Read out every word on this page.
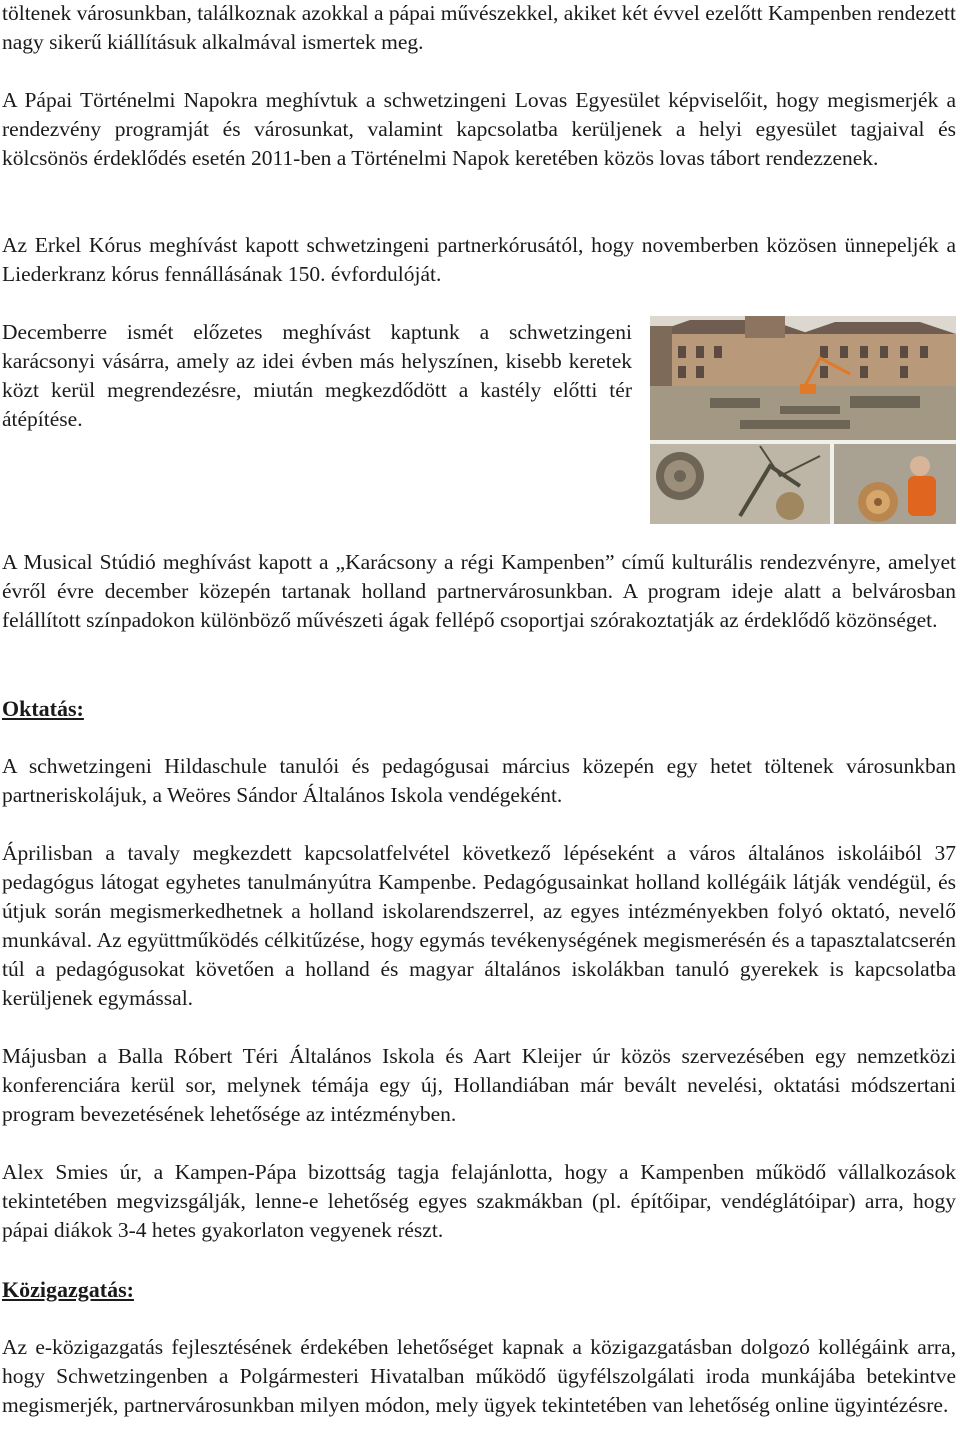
töltenek városunkban, találkoznak azokkal a pápai művészekkel, akiket két évvel ezelőtt Kampenben rendezett nagy sikerű kiállításuk alkalmával ismertek meg.

A Pápai Történelmi Napokra meghívtuk a schwetzingeni Lovas Egyesület képviselőit, hogy megismerjék a rendezvény programját és városunkat, valamint kapcsolatba kerüljenek a helyi egyesület tagjaival és kölcsönös érdeklődés esetén 2011-ben a Történelmi Napok keretében közös lovas tábort rendezzenek.

Az Erkel Kórus meghívást kapott schwetzingeni partnerkórusától, hogy novemberben közösen ünnepeljék a Liederkranz kórus fennállásának 150. évfordulóját.

Decemberre ismét előzetes meghívást kaptunk a schwetzingeni karácsonyi vásárra, amely az idei évben más helyszínen, kisebb keretek közt kerül megrendezésre, miután megkezdődött a kastély előtti tér átépítése.

A Musical Stúdió meghívást kapott a „Karácsony a régi Kampenben” című kulturális rendezvényre, amelyet évről évre december közepén tartanak holland partnervárosunkban. A program ideje alatt a belvárosban felállított színpadokon különböző művészeti ágak fellépő csoportjai szórakoztatják az érdeklődő közönséget.

Oktatás:

A schwetzingeni Hildaschule tanulói és pedagógusai március közepén egy hetet töltenek városunkban partneriskolájuk, a Weöres Sándor Általános Iskola vendégeként.

Áprilisban a tavaly megkezdett kapcsolatfelvétel következő lépéseként a város általános iskoláiból 37 pedagógus látogat egyhetes tanulmányútra Kampenbe. Pedagógusainkat holland kollégáik látják vendégül, és útjuk során megismerkedhetnek a holland iskolarendszerrel, az egyes intézményekben folyó oktató, nevelő munkával. Az együttműködés célkitűzése, hogy egymás tevékenységének megismerésén és a tapasztalatcserén túl a pedagógusokat követően a holland és magyar általános iskolákban tanuló gyerekek is kapcsolatba kerüljenek egymással.

Májusban a Balla Róbert Téri Általános Iskola és Aart Kleijer úr közös szervezésében egy nemzetközi konferenciára kerül sor, melynek témája egy új, Hollandiában már bevált nevelési, oktatási módszertani program bevezetésének lehetősége az intézményben.

Alex Smies úr, a Kampen-Pápa bizottság tagja felajánlotta, hogy a Kampenben működő vállalkozások tekintetében megvizsgálják, lenne-e lehetőség egyes szakmákban (pl. építőipar, vendéglátóipar) arra, hogy pápai diákok 3-4 hetes gyakorlaton vegyenek részt.

Közigazgatás:

Az e-közigazgatás fejlesztésének érdekében lehetőséget kapnak a közigazgatásban dolgozó kollégáink arra, hogy Schwetzingenben a Polgármesteri Hivatalban működő ügyfélszolgálati iroda munkájába betekintve megismerjék, partnervárosunkban milyen módon, mely ügyek tekintetében van lehetőség online ügyintézésre.
